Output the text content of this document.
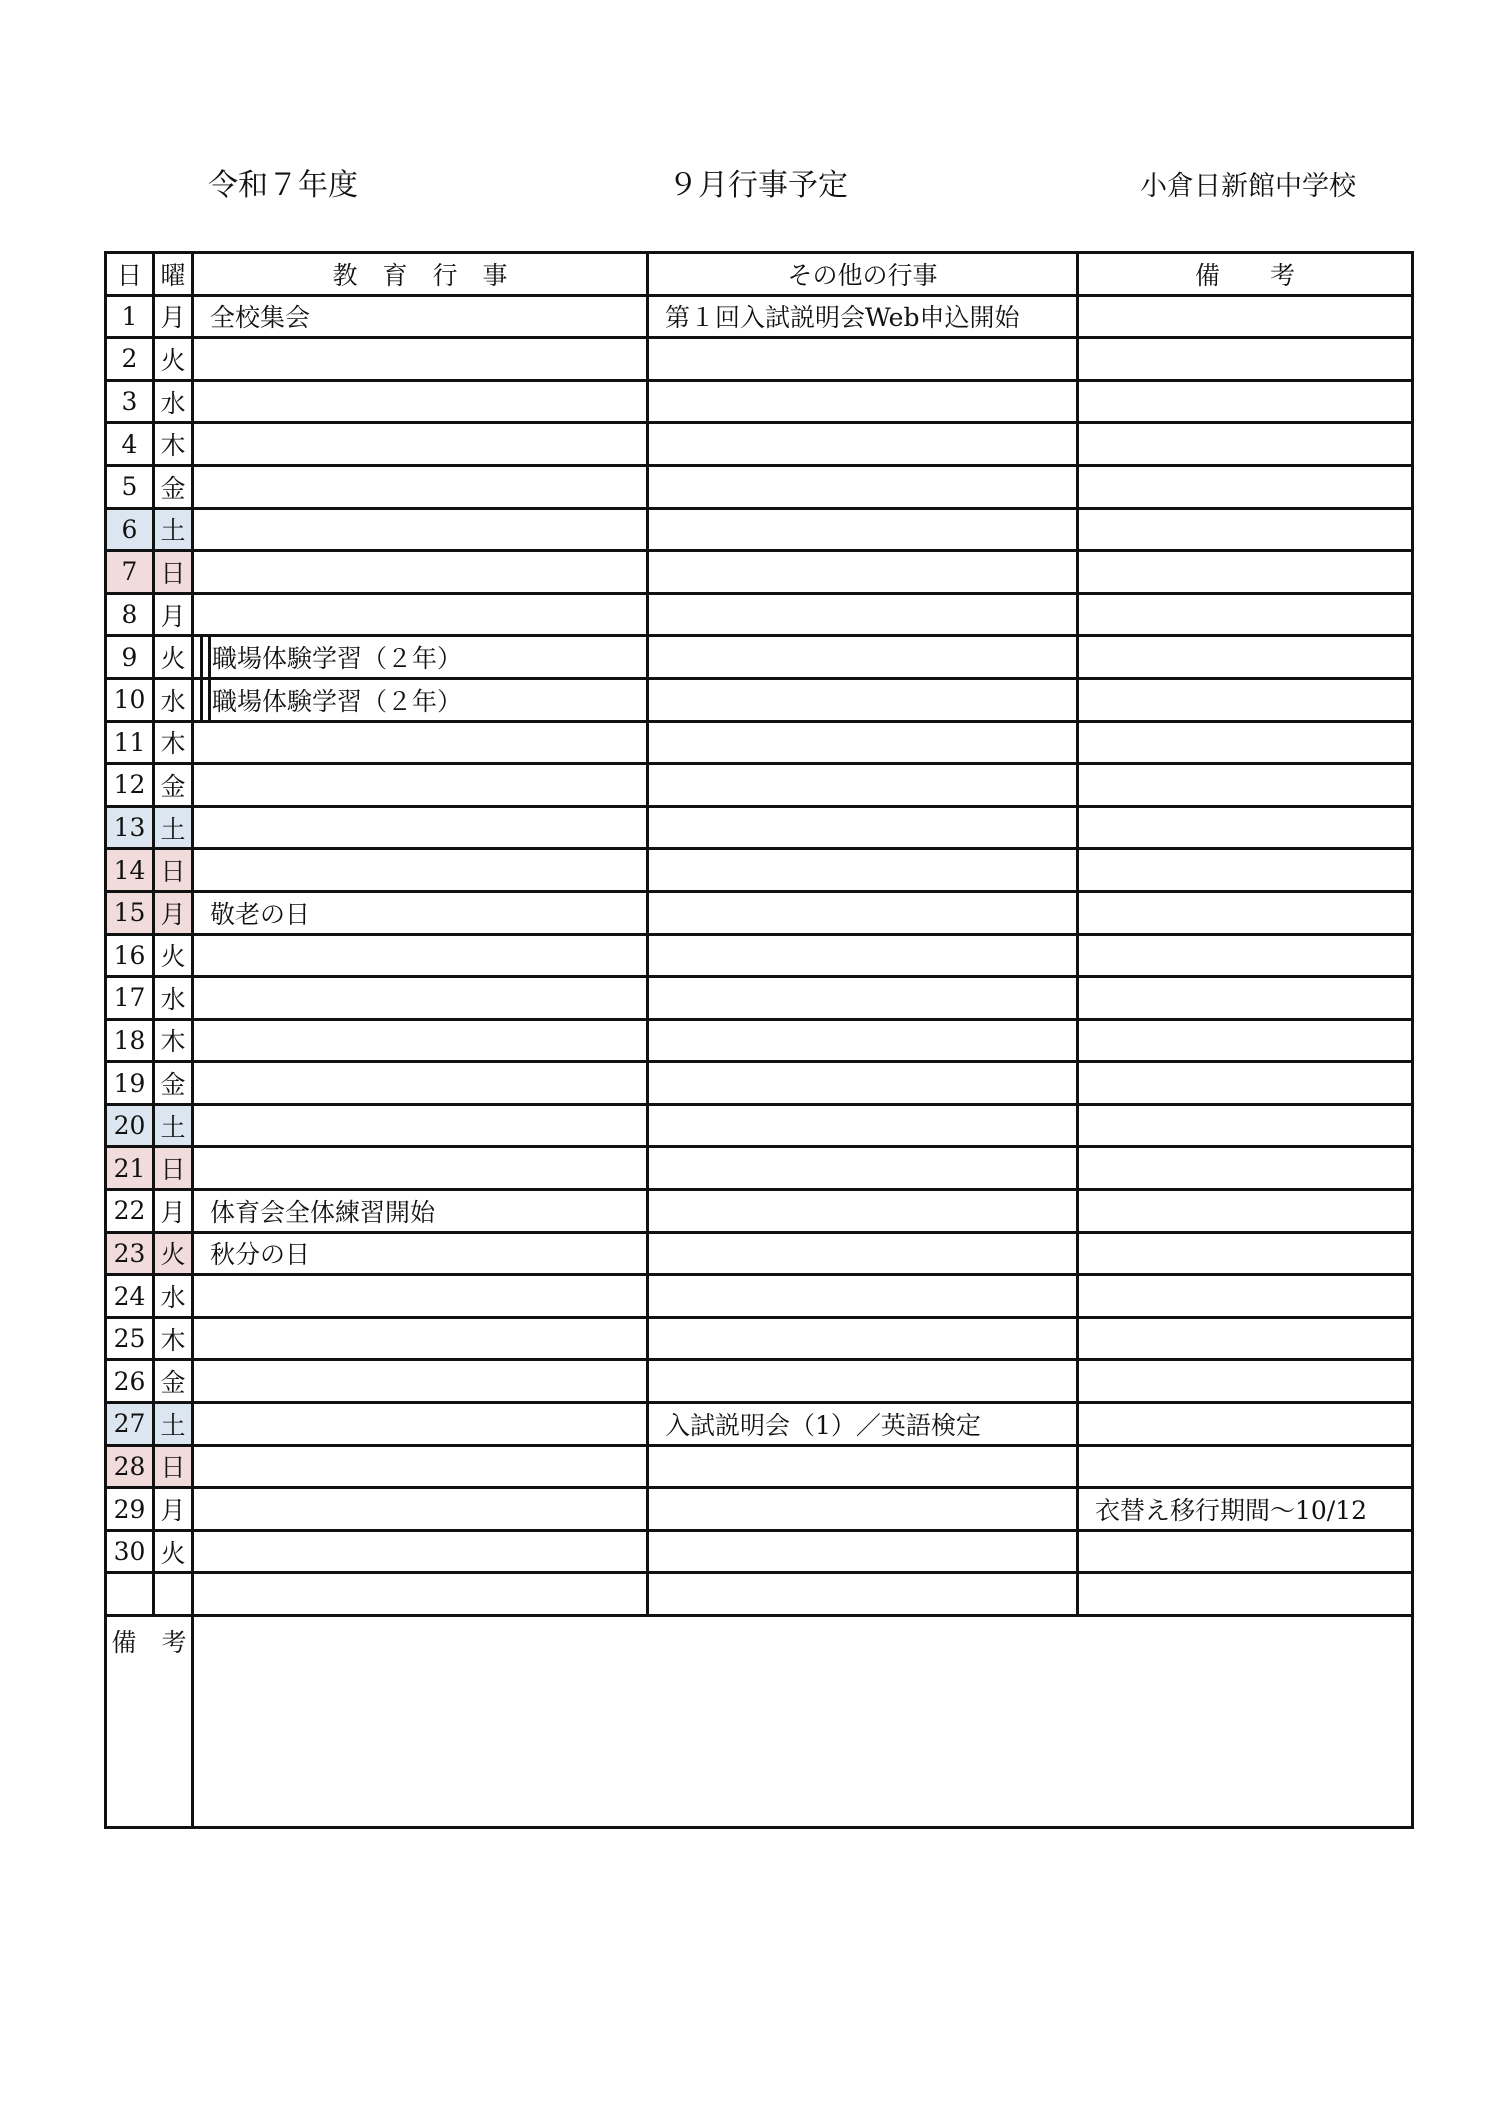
令和７年度	９月行事予定	小倉日新館中学校
日	曜	教　育　行　事	その他の行事	備　　考
1	月	全校集会	第１回入試説明会Web申込開始	
2	火			
3	水			
4	木			
5	金			
6	土			
7	日			
8	月			
9	火	職場体験学習（２年）		
10	水	職場体験学習（２年）		
11	木			
12	金			
13	土			
14	日			
15	月	敬老の日		
16	火			
17	水			
18	木			
19	金			
20	土			
21	日			
22	月	体育会全体練習開始		
23	火	秋分の日		
24	水			
25	木			
26	金			
27	土		入試説明会（1）／英語検定	
28	日			
29	月			衣替え移行期間～10/12
30	火			

備　考				
